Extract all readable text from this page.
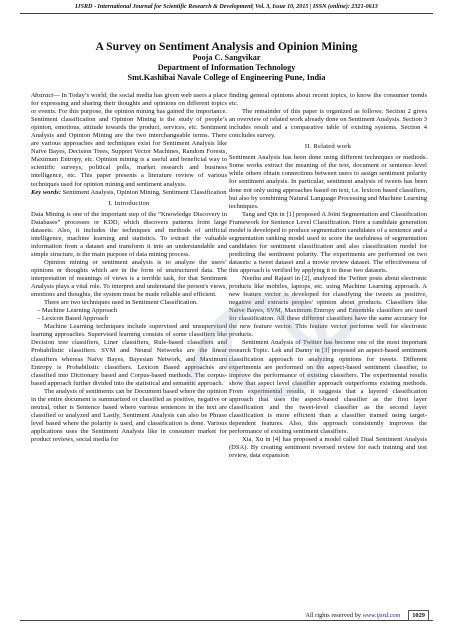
IJSRD - International Journal for Scientific Research & Development| Vol. 3, Issue 10, 2015 | ISSN (online): 2321-0613
A Survey on Sentiment Analysis and Opinion Mining
Pooja C. Sangvikar
Department of Information Technology
Smt.Kashibai Navale College of Engineering Pune, India

Abstract— In Today’s world, the social media has given web users a place for expressing and sharing their thoughts and opinions on different topics or events. For this purpose, the opinion mining has gained the importance. Sentiment classification and Opinion Mining is the study of people’s opinion, emotions, attitude towards the product, services, etc. Sentiment Analysis and Opinion Mining are the two interchangeable terms. There are various approaches and techniques exist for Sentiment Analysis like Naïve Bayes, Decision Trees, Support Vector Machines, Random Forests, Maximum Entropy, etc. Opinion mining is a useful and beneficial way to scientific surveys, political polls, market research and business intelligence, etc. This paper presents a literature review of various techniques used for opinion mining and sentiment analysis.

Key words: Sentiment Analysis, Opinion Mining, Sentiment Classification

I. Introduction

Data Mining is one of the important step of the “Knowledge Discovery in Databases” processes or KDD, which discovers patterns from large datasets. Also, it includes the techniques and methods of artificial intelligence, machine learning and statistics. To extract the valuable information from a dataset and transform it into an understandable and simple structure, is the main purpose of data mining process.

Opinion mining or sentiment analysis is to analyze the users’ opinions or thoughts which are in the form of unstructured data. The interpretation of meanings of views is a terrible task, for that Sentiment Analysis plays a vital role. To interpret and understand the person's views, emotions and thoughts, the system must be made reliable and efficient.

There are two techniques used in Sentiment Classification.

– Machine Learning Approach

– Lexicon Based Approach

Machine Learning techniques include supervised and unsupervised learning approaches. Supervised learning consists of some classifiers like Decision tree classifiers, Liner classifiers, Rule-based classifiers and Probabilistic classifiers. SVM and Neural Networks are the linear classifiers whereas Naïve Bayes, Bayesian Network, and Maximum Entropy is Probabilistic classifiers. Lexicon Based approaches are classified into Dictionary based and Corpus-based methods. The corpus-based approach further divided into the statistical and semantic approach.

The analysis of sentiments can be Document based where the opinion in the entire document is summarized or classified as positive, negative or neutral, other is Sentence based where various sentences in the text are classified or analyzed and Lastly, Sentiment Analysis can also be Phrase level based where the polarity is used, and classification is done. Various applications uses the Sentiment Analysis like in consumer market for product reviews, social media for

finding general opinions about recent topics, to know the consumer trends etc.

The remainder of this paper is organized as follows: Section 2 gives an overview of related work already done on Sentiment Analysis. Section 3 includes result and a comparative table of existing systems. Section 4 concludes survey.

II. Related work

Sentiment Analysis has been done using different techniques or methods. Some works extract the meaning of the text, document or sentence level while others obtain connections between users to assign sentiment polarity for sentiment analysis. In particular, sentiment analysis of tweets has been done not only using approaches based on text, i.e. lexicon based classifiers, but also by combining Natural Language Processing and Machine Learning techniques.

Tang and Qin in [1] proposed A Joint Segmentation and Classification Framework for Sentence Level Classification. Here a candidate generation model is developed to produce segmentation candidates of a sentence and a segmentation ranking model used to score the usefulness of segmentation candidates for sentiment classification and also classification model for predicting the sentiment polarity. The experiments are performed on two datasets: a tweet dataset and a movie review dataset. The effectiveness of this approach is verified by applying it to these two datasets.

Neethu and Rajasri in [2], analyzed the Twitter posts about electronic products like mobiles, laptops, etc. using Machine Learning approach. A new feature vector is developed for classifying the tweets as positive, negative and extracts peoples' opinion about products. Classifiers like Naïve Bayes, SVM, Maximum Entropy and Ensemble classifiers are used for classification. All these different classifiers have the same accuracy for the new feature vector. This feature vector performs well for electronic products.

Sentiment Analysis of Twitter has become one of the most important research Topic. Lek and Danny in [3] proposed an aspect-based sentiment classification approach to analyzing opinions for tweets. Different experiments are performed on the aspect-based sentiment classifier, to improve the performance of existing classifiers. The experimental results show that aspect level classifier approach outperforms existing methods. From experimental results, it suggests that a layered classification approach that uses the aspect-based classifier as the first layer classification and the tweet-level classifier as the second layer classification is more efficient than a classifier trained using target-dependent features. Also, this approach consistently improves the performance of existing sentiment classifiers.

Xia, Xu in [4] has proposed a model called Dual Sentiment Analysis (DSA). By creating sentiment reversed review for each training and test review, data expansion

All rights reserved by www.ijsrd.com 1029
